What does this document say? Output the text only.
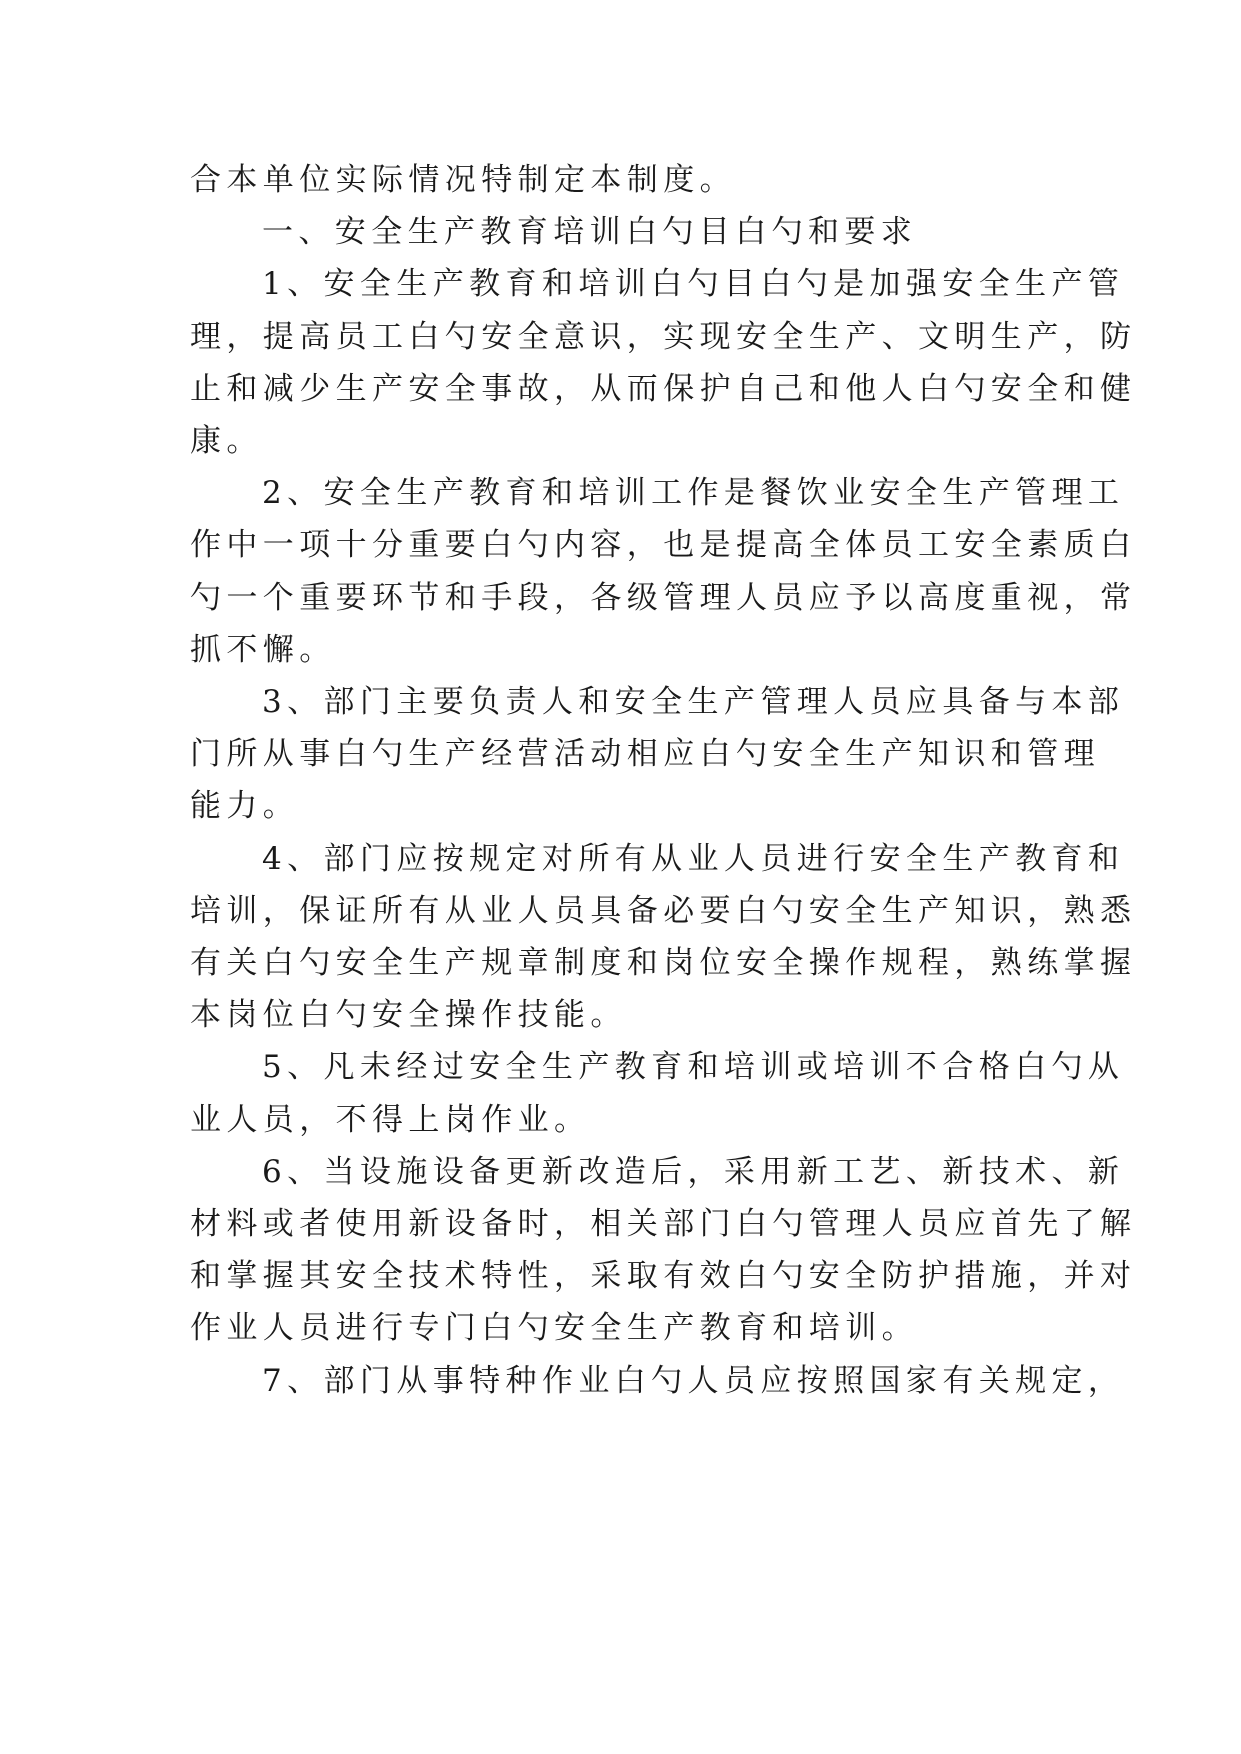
合本单位实际情况特制定本制度。

一、安全生产教育培训白勺目白勺和要求

1、安全生产教育和培训白勺目白勺是加强安全生产管
理，提高员工白勺安全意识，实现安全生产、文明生产，防
止和减少生产安全事故，从而保护自己和他人白勺安全和健
康。

2、安全生产教育和培训工作是餐饮业安全生产管理工
作中一项十分重要白勺内容，也是提高全体员工安全素质白
勺一个重要环节和手段，各级管理人员应予以高度重视，常
抓不懈。

3、部门主要负责人和安全生产管理人员应具备与本部
门所从事白勺生产经营活动相应白勺安全生产知识和管理
能力。

4、部门应按规定对所有从业人员进行安全生产教育和
培训，保证所有从业人员具备必要白勺安全生产知识，熟悉
有关白勺安全生产规章制度和岗位安全操作规程，熟练掌握
本岗位白勺安全操作技能。

5、凡未经过安全生产教育和培训或培训不合格白勺从
业人员，不得上岗作业。

6、当设施设备更新改造后，采用新工艺、新技术、新
材料或者使用新设备时，相关部门白勺管理人员应首先了解
和掌握其安全技术特性，采取有效白勺安全防护措施，并对
作业人员进行专门白勺安全生产教育和培训。

7、部门从事特种作业白勺人员应按照国家有关规定，
